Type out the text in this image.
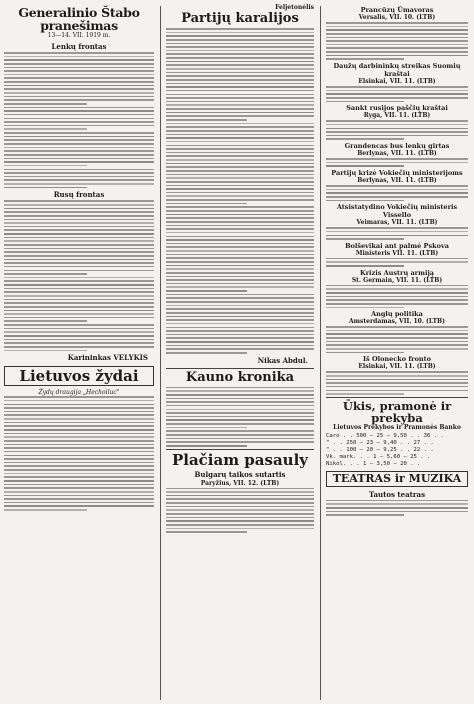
Generalinio Štabo pranešimas
13—14. VII. 1919 m.
Lenkų frontas
Rusų frontas
Karininkas VELYKIS
Lietuvos žydai
Žydų draugija „Hechoiluc"
Feljetonėlis
Partijų karalijos
Nikas Abdul.
Kauno kronika
Plačiam pasauly
Bulgarų taikos sutartis
Paryžius, VII. 12. (LTB)
Prancūzų Ūmavoras
Versalis, VII. 10. (LTB)
Daužų darbininkų streikas Suomių kraštai
Elsinkai, VII. 11. (LTB)
Sankt rusijos paščių kraštai
Ryga, VII. 11. (LTB)
Grandencas bus lenkų girtas
Berlynas, VII. 11. (LTB)
Partijų krizė Vokiečių ministerijoms
Berlynas, VII. 11. (LTB)
Atsistatydino Vokiečių ministeris Vissello
Veimaras, VII. 11. (LTB)
Bolševikai ant palmė Pskova
Ministeris VII. 11. (LTB)
Krizis Austrų armiją
St. Germain, VII. 11. (LTB)
Anglų politika
Amsterdamas, VII. 10. (LTB)
Iš Olonecko fronto
Elsinkai, VII. 11. (LTB)
Ūkis, pramonė ir prekyba
Lietuvos Prekybos ir Pramonės Banko
Caro . . 500 — 25 — 9,50 . . 36 . .
" . . 250 — 23 — 9,40 . . 27 . .
" . . 100 — 20 — 9,25 . . 22 . .
Vk. mark. . . 1 — 5,60 — 25 . .
Nikol. . . 1 — 3,50 — 20 . .
TEATRAS ir MUZIKA
Tautos teatras
